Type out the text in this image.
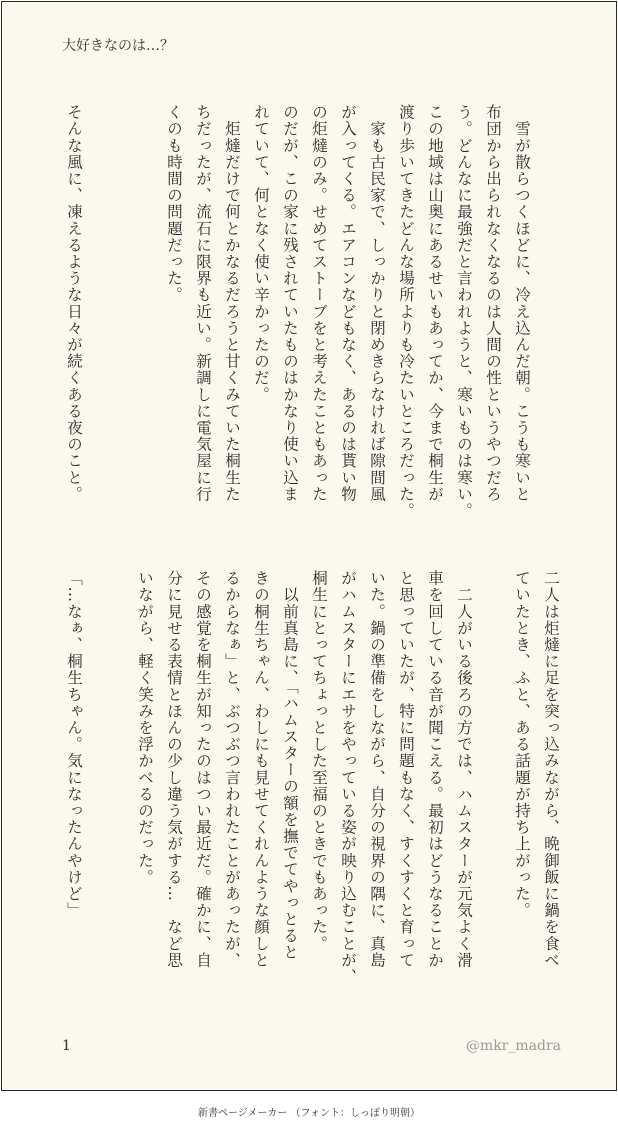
大好きなのは…？
　雪が散らつくほどに、冷え込んだ朝。こうも寒いと
布団から出られなくなるのは人間の性というやつだろ
う。どんなに最強だと言われようと、寒いものは寒い。
この地域は山奥にあるせいもあってか、今まで桐生が
渡り歩いてきたどんな場所よりも冷たいところだった。
　家も古民家で、しっかりと閉めきらなければ隙間風
が入ってくる。エアコンなどもなく、あるのは貰い物
の炬燵のみ。せめてストーブをと考えたこともあった
のだが、この家に残されていたものはかなり使い込ま
れていて、何となく使い辛かったのだ。
　炬燵だけで何とかなるだろうと甘くみていた桐生た
ちだったが、流石に限界も近い。新調しに電気屋に行
くのも時間の問題だった。
そんな風に、凍えるような日々が続くある夜のこと。
二人は炬燵に足を突っ込みながら、晩御飯に鍋を食べ
ていたとき、ふと、ある話題が持ち上がった。
　二人がいる後ろの方では、ハムスターが元気よく滑
車を回している音が聞こえる。最初はどうなることか
と思っていたが、特に問題もなく、すくすくと育って
いた。鍋の準備をしながら、自分の視界の隅に、真島
がハムスターにエサをやっている姿が映り込むことが、
桐生にとってちょっとした至福のときでもあった。
　以前真島に、「ハムスターの額を撫でてやっとると
きの桐生ちゃん、わしにも見せてくれんような顔しと
るからなぁ」と、ぶつぶつ言われたことがあったが、
その感覚を桐生が知ったのはつい最近だ。確かに、自
分に見せる表情とほんの少し違う気がする…　など思
いながら、軽く笑みを浮かべるのだった。
「…なぁ、桐生ちゃん。気になったんやけど」
1	@mkr_madra
新書ページメーカー （フォント：しっぽり明朝）
